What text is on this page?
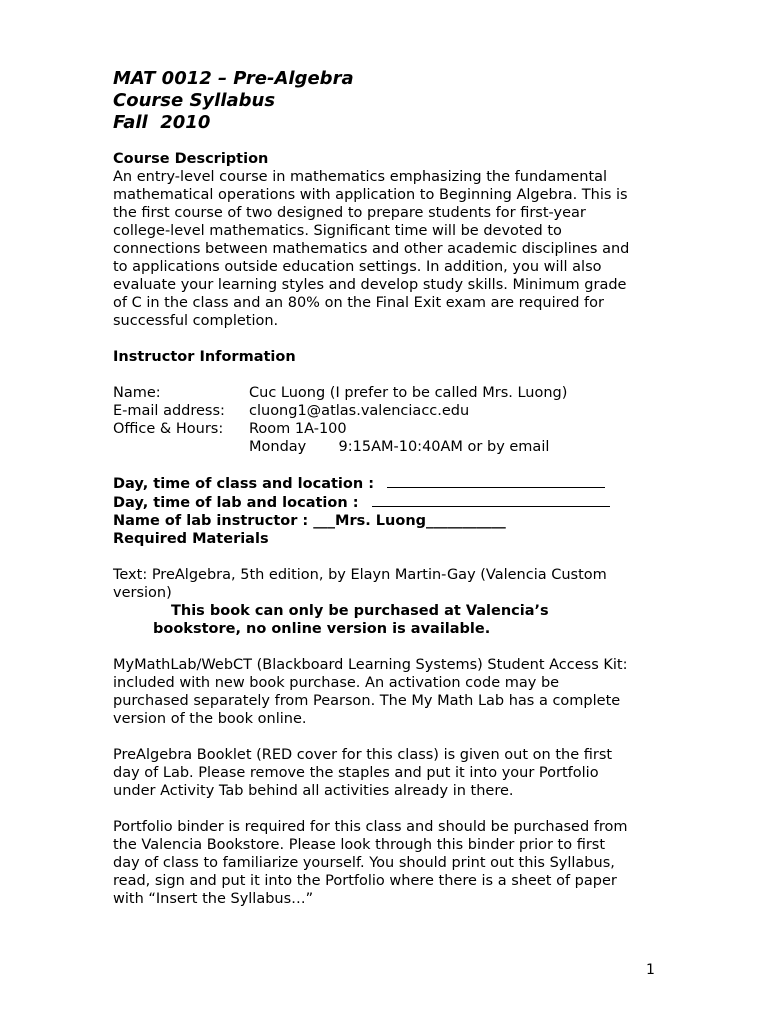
MAT 0012 – Pre-Algebra
Course Syllabus
Fall  2010

Course Description

An entry-level course in mathematics emphasizing the fundamental

mathematical operations with application to Beginning Algebra. This is

the first course of two designed to prepare students for first-year

college-level mathematics. Significant time will be devoted to

connections between mathematics and other academic disciplines and

to applications outside education settings. In addition, you will also

evaluate your learning styles and develop study skills. Minimum grade

of C in the class and an 80% on the Final Exit exam are required for

successful completion.

Instructor Information

Name:	Cuc Luong (I prefer to be called Mrs. Luong)
E-mail address:	cluong1@atlas.valenciacc.edu
Office & Hours:	Room 1A-100
Monday       9:15AM-10:40AM or by email

Day, time of class and location :

Day, time of lab and location :

Name of lab instructor : ___Mrs. Luong___________

Required Materials

Text: PreAlgebra, 5th edition, by Elayn Martin-Gay (Valencia Custom

version)

This book can only be purchased at Valencia’s

bookstore, no online version is available.

MyMathLab/WebCT (Blackboard Learning Systems) Student Access Kit:

included with new book purchase. An activation code may be

purchased separately from Pearson. The My Math Lab has a complete

version of the book online.

PreAlgebra Booklet (RED cover for this class) is given out on the first

day of Lab. Please remove the staples and put it into your Portfolio

under Activity Tab behind all activities already in there.

Portfolio binder is required for this class and should be purchased from

the Valencia Bookstore. Please look through this binder prior to first

day of class to familiarize yourself. You should print out this Syllabus,

read, sign and put it into the Portfolio where there is a sheet of paper

with “Insert the Syllabus…”

1
